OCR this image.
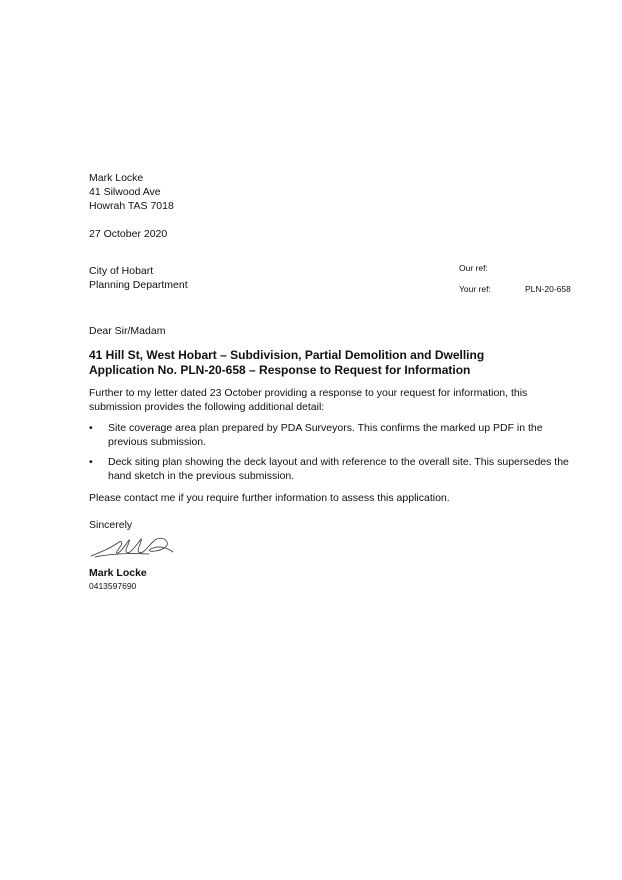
Mark Locke
41 Silwood Ave
Howrah TAS 7018
27 October 2020
City of Hobart
Planning Department
Our ref:
Your ref:	PLN-20-658
Dear Sir/Madam
41 Hill St, West Hobart – Subdivision, Partial Demolition and Dwelling
Application No. PLN-20-658 – Response to Request for Information
Further to my letter dated 23 October providing a response to your request for information, this submission provides the following additional detail:
• Site coverage area plan prepared by PDA Surveyors. This confirms the marked up PDF in the previous submission.
• Deck siting plan showing the deck layout and with reference to the overall site. This supersedes the hand sketch in the previous submission.
Please contact me if you require further information to assess this application.
Sincerely
Mark Locke
0413597690
